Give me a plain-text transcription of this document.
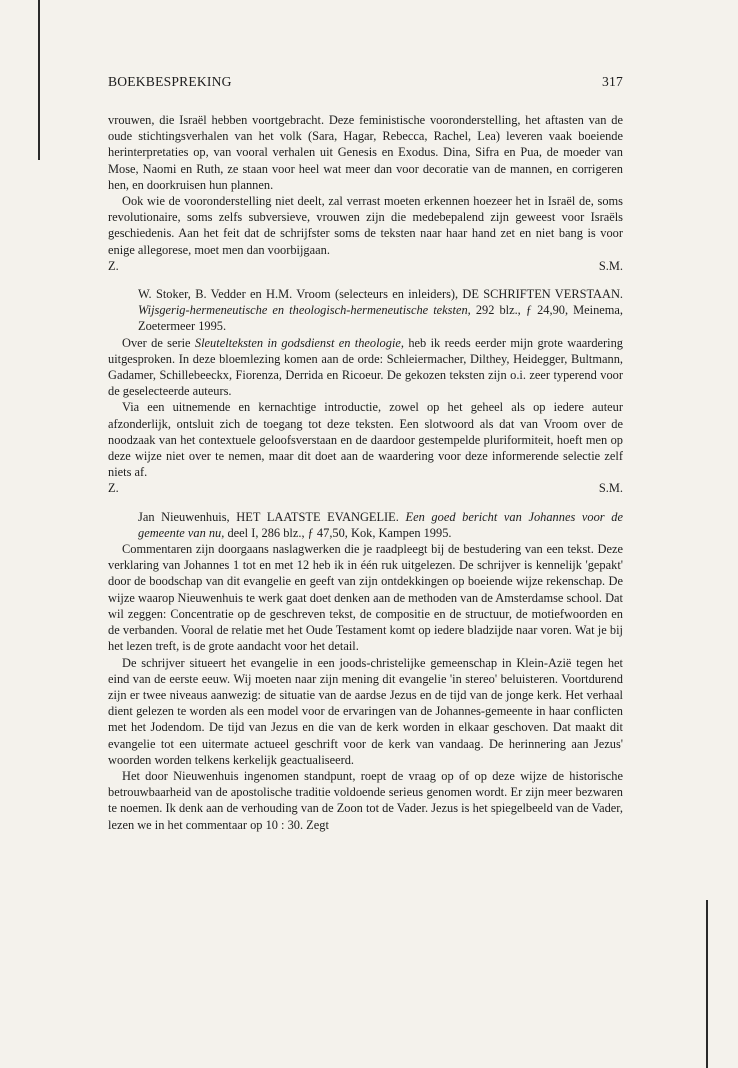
BOEKBESPREKING	317

vrouwen, die Israël hebben voortgebracht. Deze feministische vooronderstelling, het aftasten van de oude stichtingsverhalen van het volk (Sara, Hagar, Rebecca, Rachel, Lea) leveren vaak boeiende herinterpretaties op, van vooral verhalen uit Genesis en Exodus. Dina, Sifra en Pua, de moeder van Mose, Naomi en Ruth, ze staan voor heel wat meer dan voor decoratie van de mannen, en corrigeren hen, en doorkruisen hun plannen.

Ook wie de vooronderstelling niet deelt, zal verrast moeten erkennen hoezeer het in Israël de, soms revolutionaire, soms zelfs subversieve, vrouwen zijn die medebepalend zijn geweest voor Israëls geschiedenis. Aan het feit dat de schrijfster soms de teksten naar haar hand zet en niet bang is voor enige allegorese, moet men dan voorbijgaan.

Z.	S.M.

W. Stoker, B. Vedder en H.M. Vroom (selecteurs en inleiders), DE SCHRIFTEN VERSTAAN. Wijsgerig-hermeneutische en theologisch-hermeneutische teksten, 292 blz., ƒ 24,90, Meinema, Zoetermeer 1995.

Over de serie Sleutelteksten in godsdienst en theologie, heb ik reeds eerder mijn grote waardering uitgesproken. In deze bloemlezing komen aan de orde: Schleiermacher, Dilthey, Heidegger, Bultmann, Gadamer, Schillebeeckx, Fiorenza, Derrida en Ricoeur. De gekozen teksten zijn o.i. zeer typerend voor de geselecteerde auteurs.

Via een uitnemende en kernachtige introductie, zowel op het geheel als op iedere auteur afzonderlijk, ontsluit zich de toegang tot deze teksten. Een slotwoord als dat van Vroom over de noodzaak van het contextuele geloofsverstaan en de daardoor gestempelde pluriformiteit, hoeft men op deze wijze niet over te nemen, maar dit doet aan de waardering voor deze informerende selectie zelf niets af.

Z.	S.M.

Jan Nieuwenhuis, HET LAATSTE EVANGELIE. Een goed bericht van Johannes voor de gemeente van nu, deel I, 286 blz., ƒ 47,50, Kok, Kampen 1995.

Commentaren zijn doorgaans naslagwerken die je raadpleegt bij de bestudering van een tekst. Deze verklaring van Johannes 1 tot en met 12 heb ik in één ruk uitgelezen. De schrijver is kennelijk 'gepakt' door de boodschap van dit evangelie en geeft van zijn ontdekkingen op boeiende wijze rekenschap. De wijze waarop Nieuwenhuis te werk gaat doet denken aan de methoden van de Amsterdamse school. Dat wil zeggen: Concentratie op de geschreven tekst, de compositie en de structuur, de motiefwoorden en de verbanden. Vooral de relatie met het Oude Testament komt op iedere bladzijde naar voren. Wat je bij het lezen treft, is de grote aandacht voor het detail.

De schrijver situeert het evangelie in een joods-christelijke gemeenschap in Klein-Azië tegen het eind van de eerste eeuw. Wij moeten naar zijn mening dit evangelie 'in stereo' beluisteren. Voortdurend zijn er twee niveaus aanwezig: de situatie van de aardse Jezus en de tijd van de jonge kerk. Het verhaal dient gelezen te worden als een model voor de ervaringen van de Johannes-gemeente in haar conflicten met het Jodendom. De tijd van Jezus en die van de kerk worden in elkaar geschoven. Dat maakt dit evangelie tot een uitermate actueel geschrift voor de kerk van vandaag. De herinnering aan Jezus' woorden worden telkens kerkelijk geactualiseerd.

Het door Nieuwenhuis ingenomen standpunt, roept de vraag op of op deze wijze de historische betrouwbaarheid van de apostolische traditie voldoende serieus genomen wordt. Er zijn meer bezwaren te noemen. Ik denk aan de verhouding van de Zoon tot de Vader. Jezus is het spiegelbeeld van de Vader, lezen we in het commentaar op 10 : 30. Zegt
